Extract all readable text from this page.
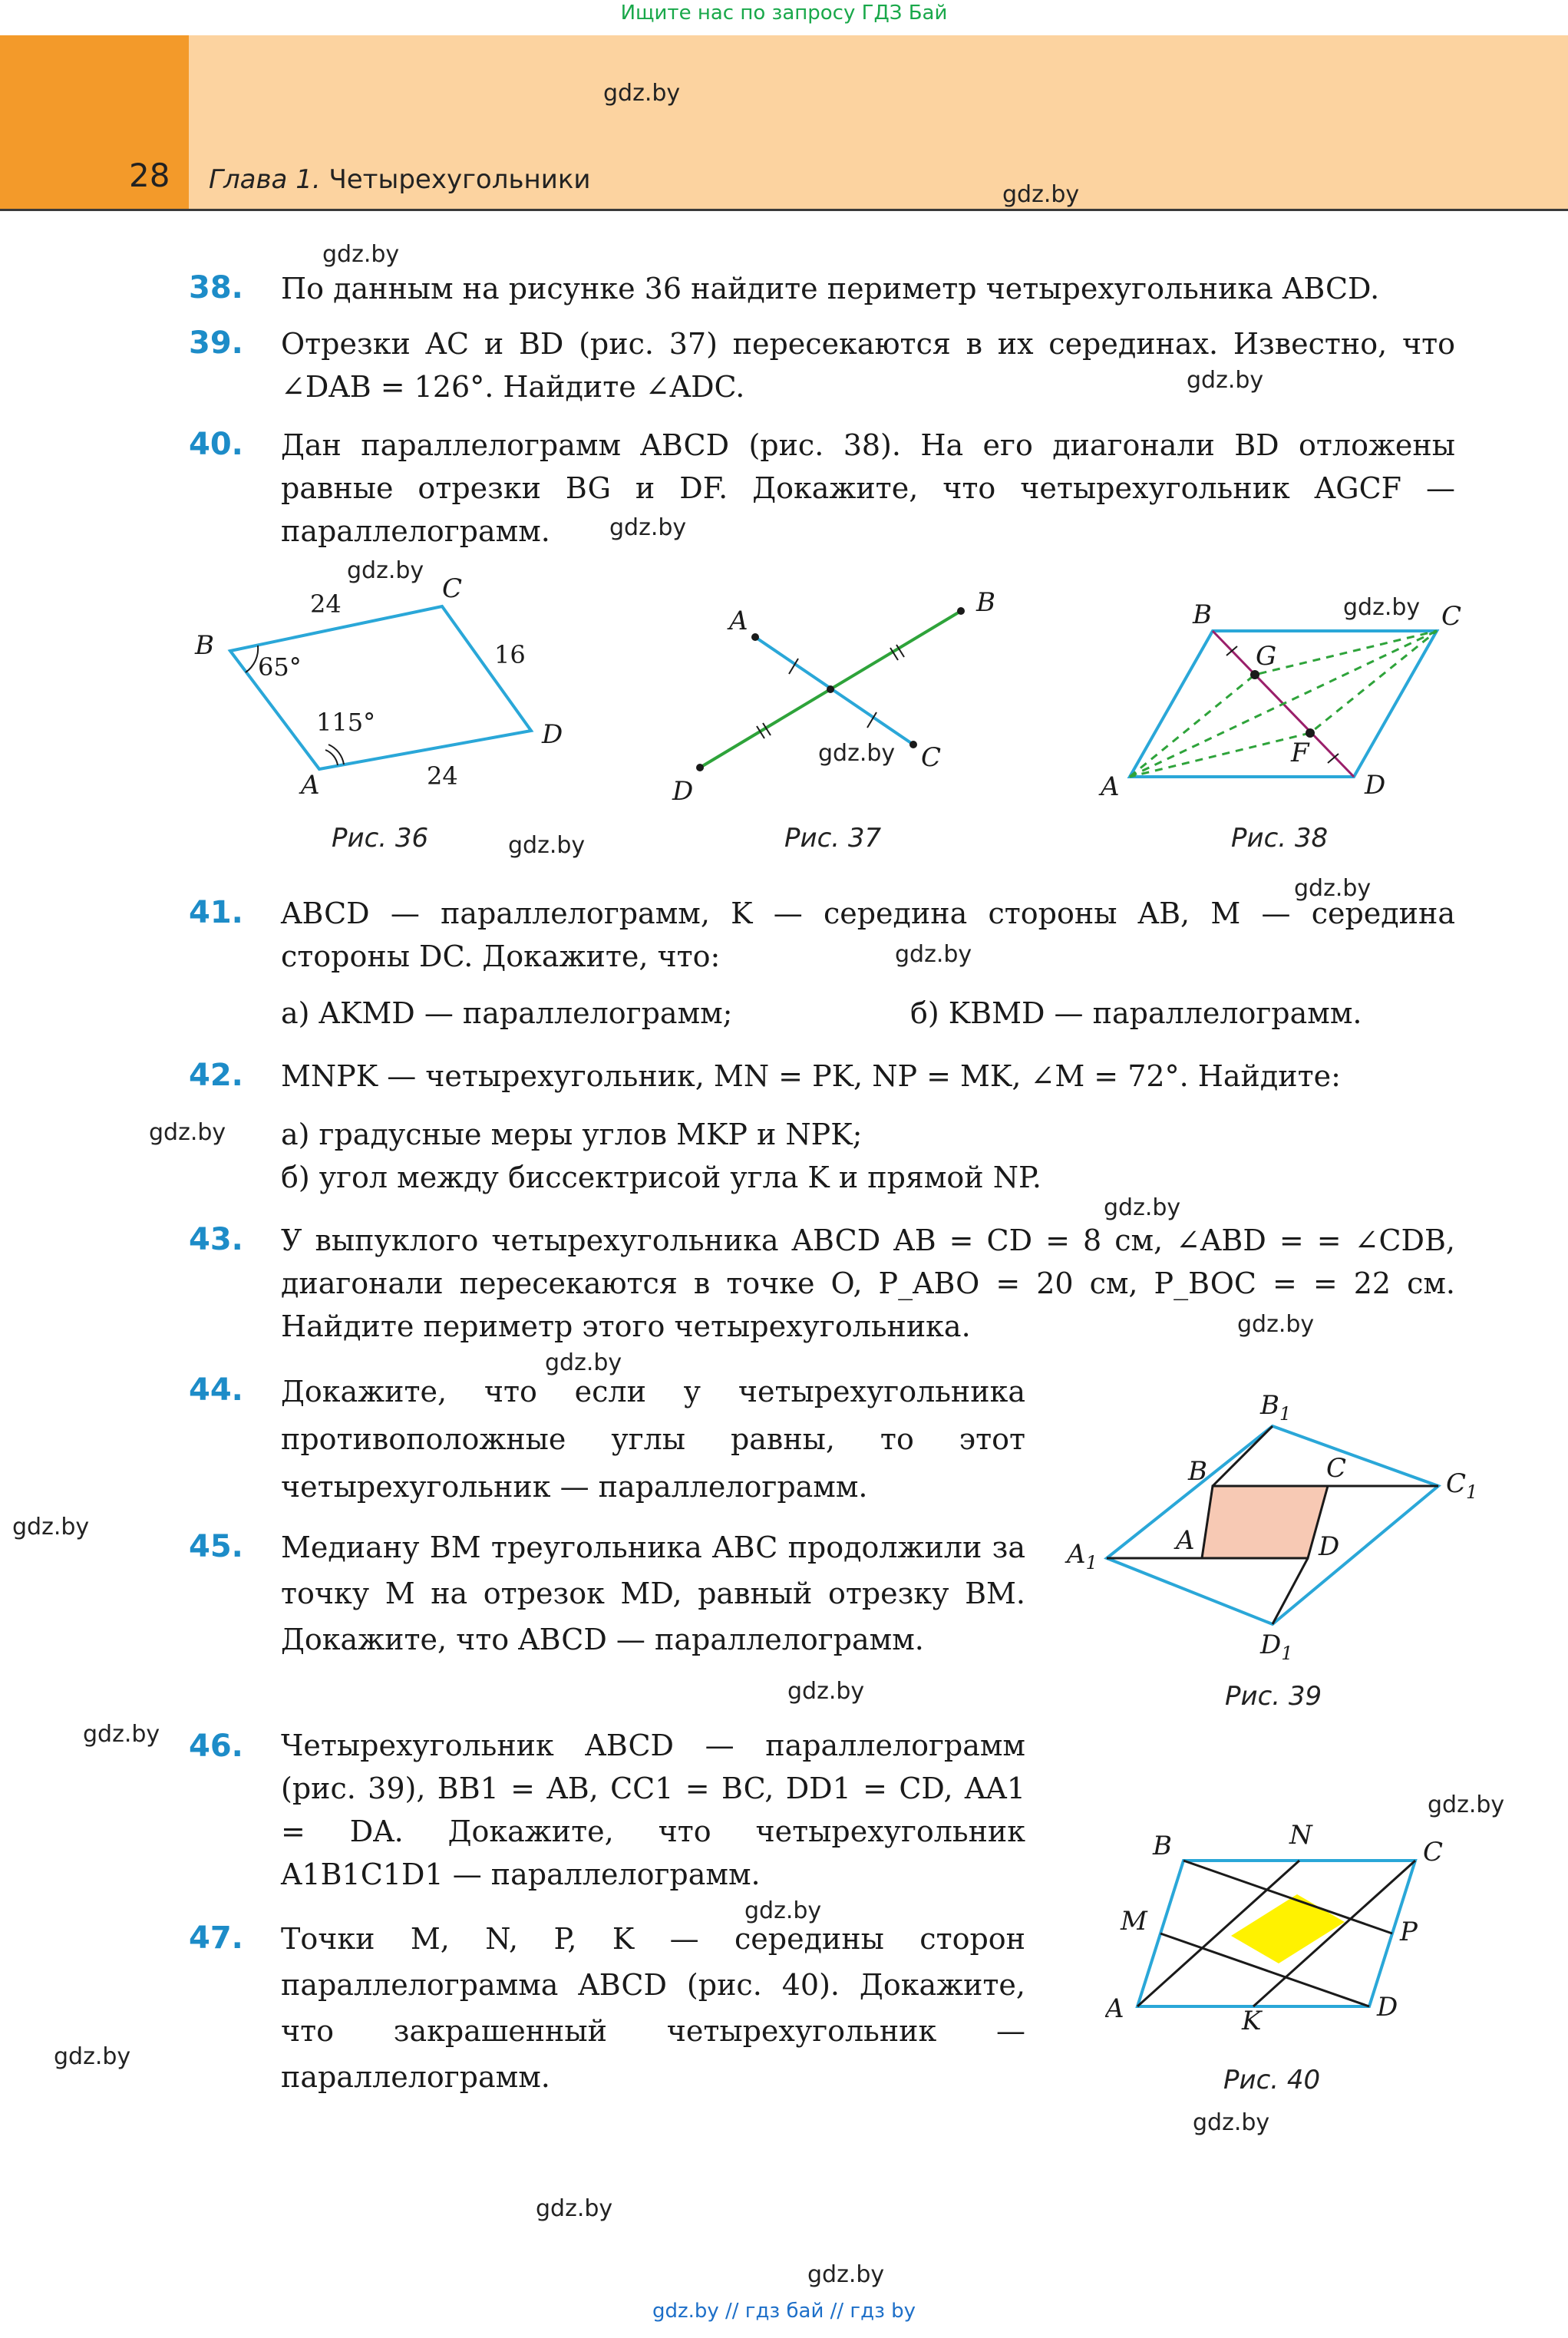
Ищите нас по запросу ГДЗ Бай
28 Глава 1. Четырехугольники
gdz.by
gdz.by
gdz.by
gdz.by
gdz.by
gdz.by
gdz.by
gdz.by
gdz.by
gdz.by
gdz.by
gdz.by
gdz.by
gdz.by
gdz.by
gdz.by
gdz.by
gdz.by
gdz.by
gdz.by
gdz.by
gdz.by
gdz.by
gdz.by
38. По данным на рисунке 36 найдите периметр четырехугольника ABCD.
39. Отрезки AC и BD (рис. 37) пересекаются в их серединах. Известно, что ∠DAB = 126°. Найдите ∠ADC.
40. Дан параллелограмм ABCD (рис. 38). На его диагонали BD отложены равные отрезки BG и DF. Докажите, что четырехугольник AGCF — параллелограмм.
B
C
D
A
24
16
24
65°
115°
Рис. 36
A
B
C
D
Рис. 37
B	C
A	D
G
F
Рис. 38
41. ABCD — параллелограмм, K — середина стороны AB, M — середина стороны DC. Докажите, что:
а) AKMD — параллелограмм;	б) KBMD — параллелограмм.
42. MNPK — четырехугольник, MN = PK, NP = MK, ∠M = 72°. Найдите:
а) градусные меры углов MKP и NPK;
б) угол между биссектрисой угла K и прямой NP.
43. У выпуклого четырехугольника ABCD AB = CD = 8 см, ∠ABD = = ∠CDB, диагонали пересекаются в точке O, P_ABO = 20 см, P_BOC = = 22 см. Найдите периметр этого четырехугольника.
44. Докажите, что если у четырехугольника противоположные углы равны, то этот четырехугольник — параллелограмм.
45. Медиану BM треугольника ABC продолжили за точку M на отрезок MD, равный отрезку BM. Докажите, что ABCD — параллелограмм.
46. Четырехугольник ABCD — параллелограмм (рис. 39), BB1 = AB, CC1 = BC, DD1 = CD, AA1 = DA. Докажите, что четырехугольник A1B1C1D1 — параллелограмм.
47. Точки M, N, P, K — середины сторон параллелограмма ABCD (рис. 40). Докажите, что закрашенный четырехугольник — параллелограмм.
$B_1$
$C_1$
$D_1$
$A_1$
B	C
A	D
Рис. 39
B	N
C
M	P
A	K	D
Рис. 40
gdz.by // гдз бай // гдз by
